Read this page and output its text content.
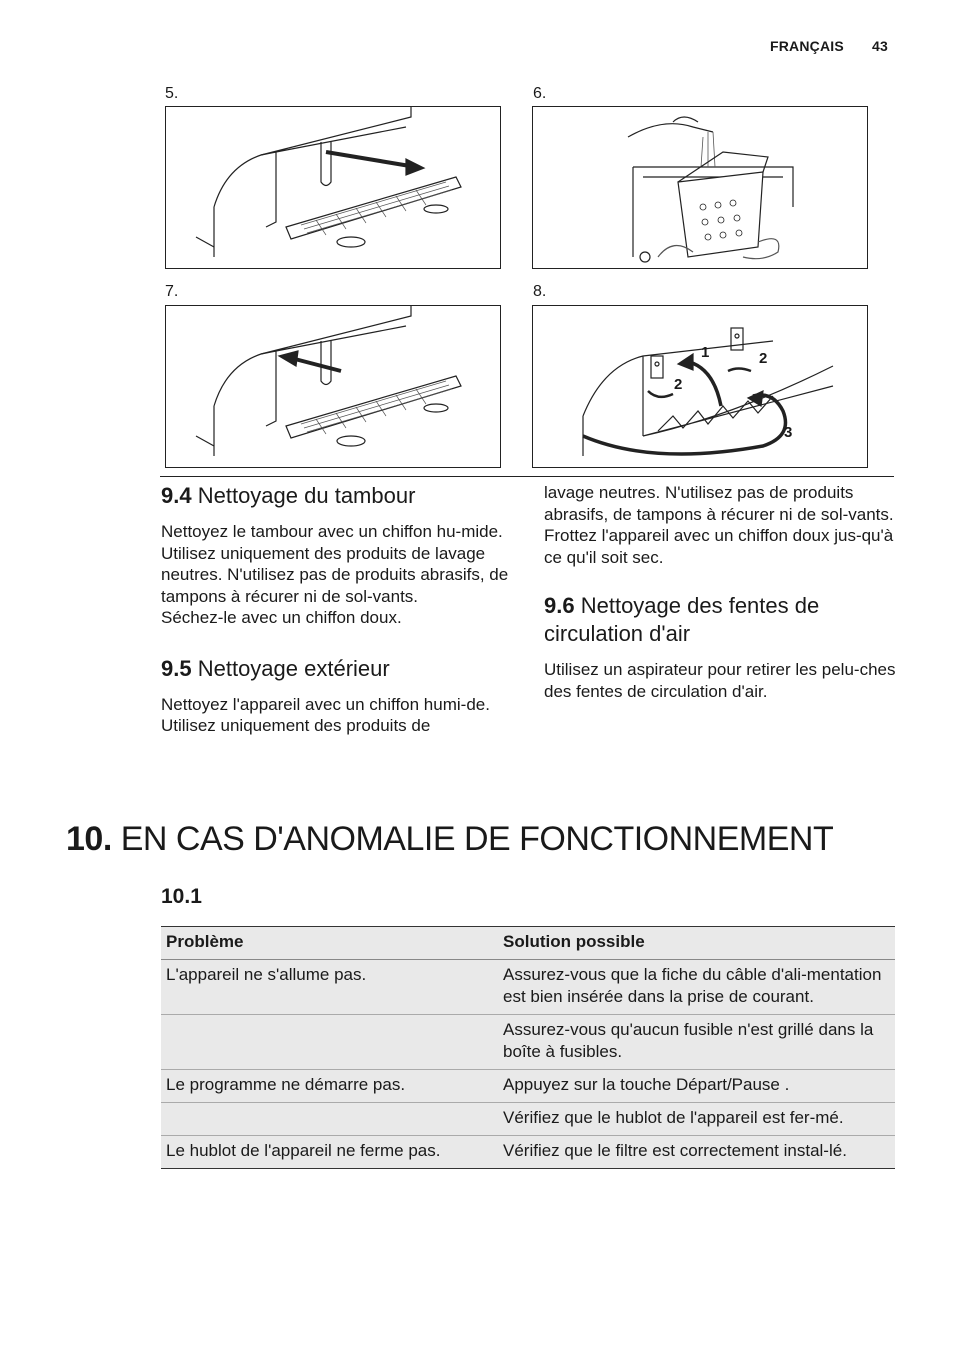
FRANÇAIS 43
5.	6.
7.	8.
1	2
2
3
9.4 Nettoyage du tambour

Nettoyez le tambour avec un chiffon hu-mide. Utilisez uniquement des produits de lavage neutres. N'utilisez pas de produits abrasifs, de tampons à récurer ni de sol-vants.

Séchez-le avec un chiffon doux.

9.5 Nettoyage extérieur

Nettoyez l'appareil avec un chiffon humi-de. Utilisez uniquement des produits de

lavage neutres. N'utilisez pas de produits abrasifs, de tampons à récurer ni de sol-vants.

Frottez l'appareil avec un chiffon doux jus-qu'à ce qu'il soit sec.

9.6 Nettoyage des fentes de circulation d'air

Utilisez un aspirateur pour retirer les pelu-ches des fentes de circulation d'air.

10. EN CAS D'ANOMALIE DE FONCTIONNEMENT
10.1
Problème	Solution possible
L'appareil ne s'allume pas.	Assurez-vous que la fiche du câble d'ali-mentation est bien insérée dans la prise de courant.
	Assurez-vous qu'aucun fusible n'est grillé dans la boîte à fusibles.
Le programme ne démarre pas.	Appuyez sur la touche Départ/Pause .
	Vérifiez que le hublot de l'appareil est fer-mé.
Le hublot de l'appareil ne ferme pas.	Vérifiez que le filtre est correctement instal-lé.
